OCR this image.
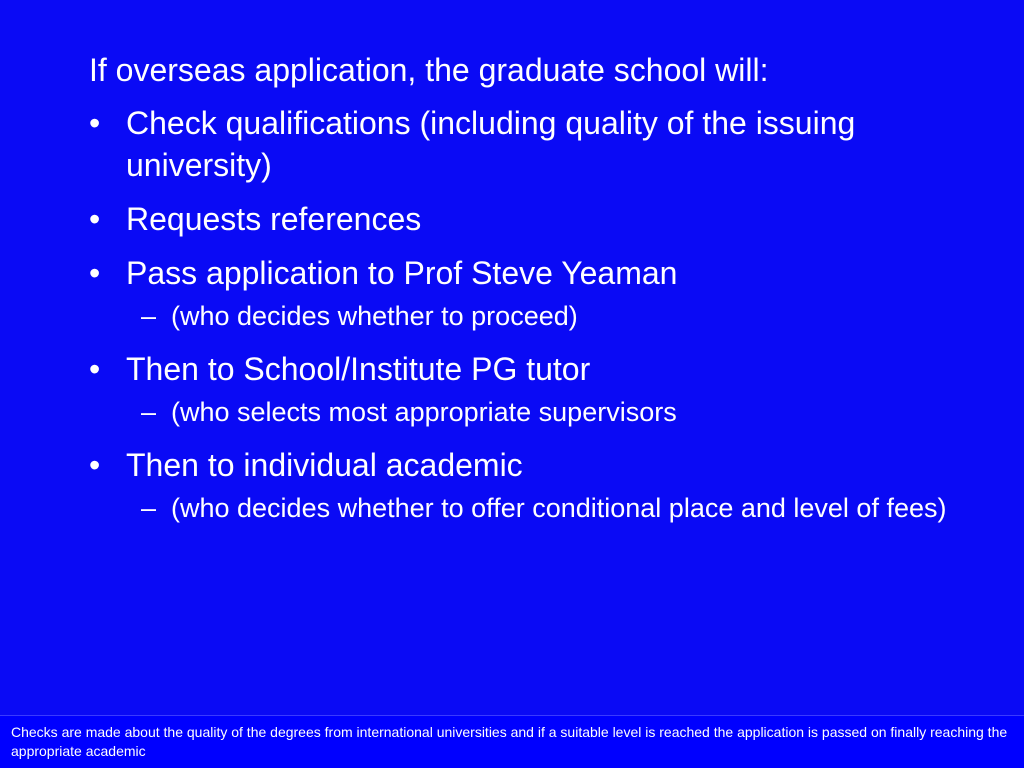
If overseas application, the graduate school will:
• Check qualifications (including quality of the issuing university)
• Requests references
• Pass application to Prof Steve Yeaman
– (who decides whether to proceed)
• Then to School/Institute PG tutor
– (who selects most appropriate supervisors
• Then to individual academic
– (who decides whether to offer conditional place and level of fees)
Checks are made about the quality of the degrees from international universities and if a suitable level is reached the application is passed on finally reaching the appropriate academic
